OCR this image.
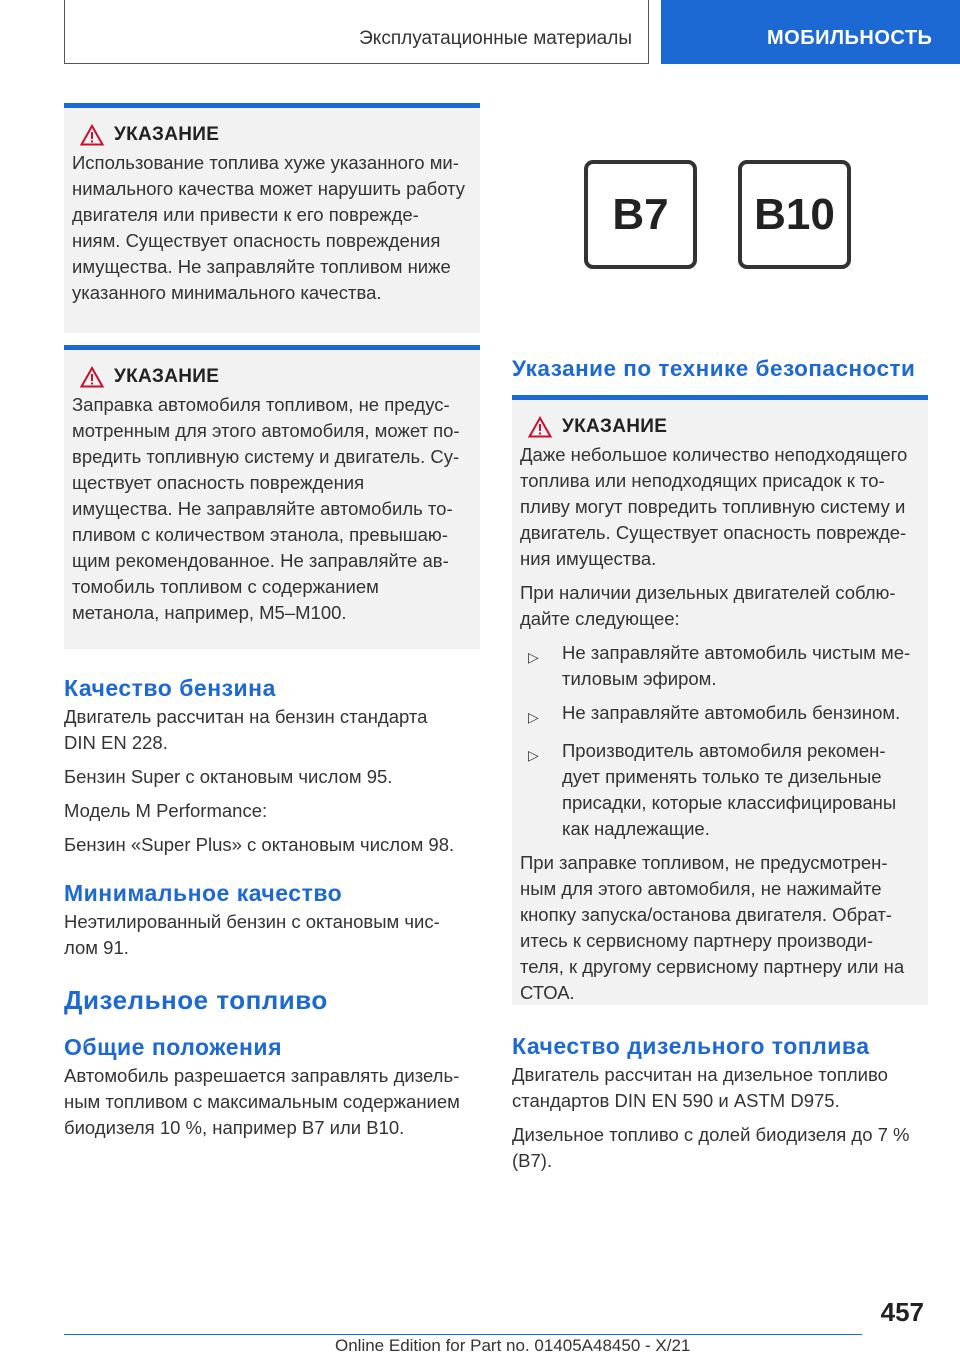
Эксплуатационные материалы	МОБИЛЬНОСТЬ
УКАЗАНИЕ

Использование топлива хуже указанного ми-

нимального качества может нарушить работу

двигателя или привести к его поврежде-

ниям. Существует опасность повреждения

имущества. Не заправляйте топливом ниже

указанного минимального качества.

УКАЗАНИЕ

Заправка автомобиля топливом, не предус-

мотренным для этого автомобиля, может по-

вредить топливную систему и двигатель. Су-

ществует опасность повреждения

имущества. Не заправляйте автомобиль то-

пливом с количеством этанола, превышаю-

щим рекомендованное. Не заправляйте ав-

томобиль топливом с содержанием

метанола, например, M5–M100.

Качество бензина

Двигатель рассчитан на бензин стандарта

DIN EN 228.

Бензин Super с октановым числом 95.

Модель M Performance:

Бензин «Super Plus» с октановым числом 98.

Минимальное качество

Неэтилированный бензин с октановым чис-

лом 91.

Дизельное топливо

Общие положения

Автомобиль разрешается заправлять дизель-

ным топливом с максимальным содержанием

биодизеля 10 %, например B7 или B10.

B7 B10

Указание по технике безопасности

УКАЗАНИЕ

Даже небольшое количество неподходящего

топлива или неподходящих присадок к то-

пливу могут повредить топливную систему и

двигатель. Существует опасность поврежде-

ния имущества.

При наличии дизельных двигателей соблю-

дайте следующее:

▷	Не заправляйте автомобиль чистым ме-

тиловым эфиром.

▷	Не заправляйте автомобиль бензином.

▷	Производитель автомобиля рекомен-

дует применять только те дизельные

присадки, которые классифицированы

как надлежащие.

При заправке топливом, не предусмотрен-

ным для этого автомобиля, не нажимайте

кнопку запуска/останова двигателя. Обрат-

итесь к сервисному партнеру производи-

теля, к другому сервисному партнеру или на

СТОА.

Качество дизельного топлива

Двигатель рассчитан на дизельное топливо

стандартов DIN EN 590 и ASTM D975.

Дизельное топливо с долей биодизеля до 7 %

(B7).

457
Online Edition for Part no. 01405A48450 - X/21
